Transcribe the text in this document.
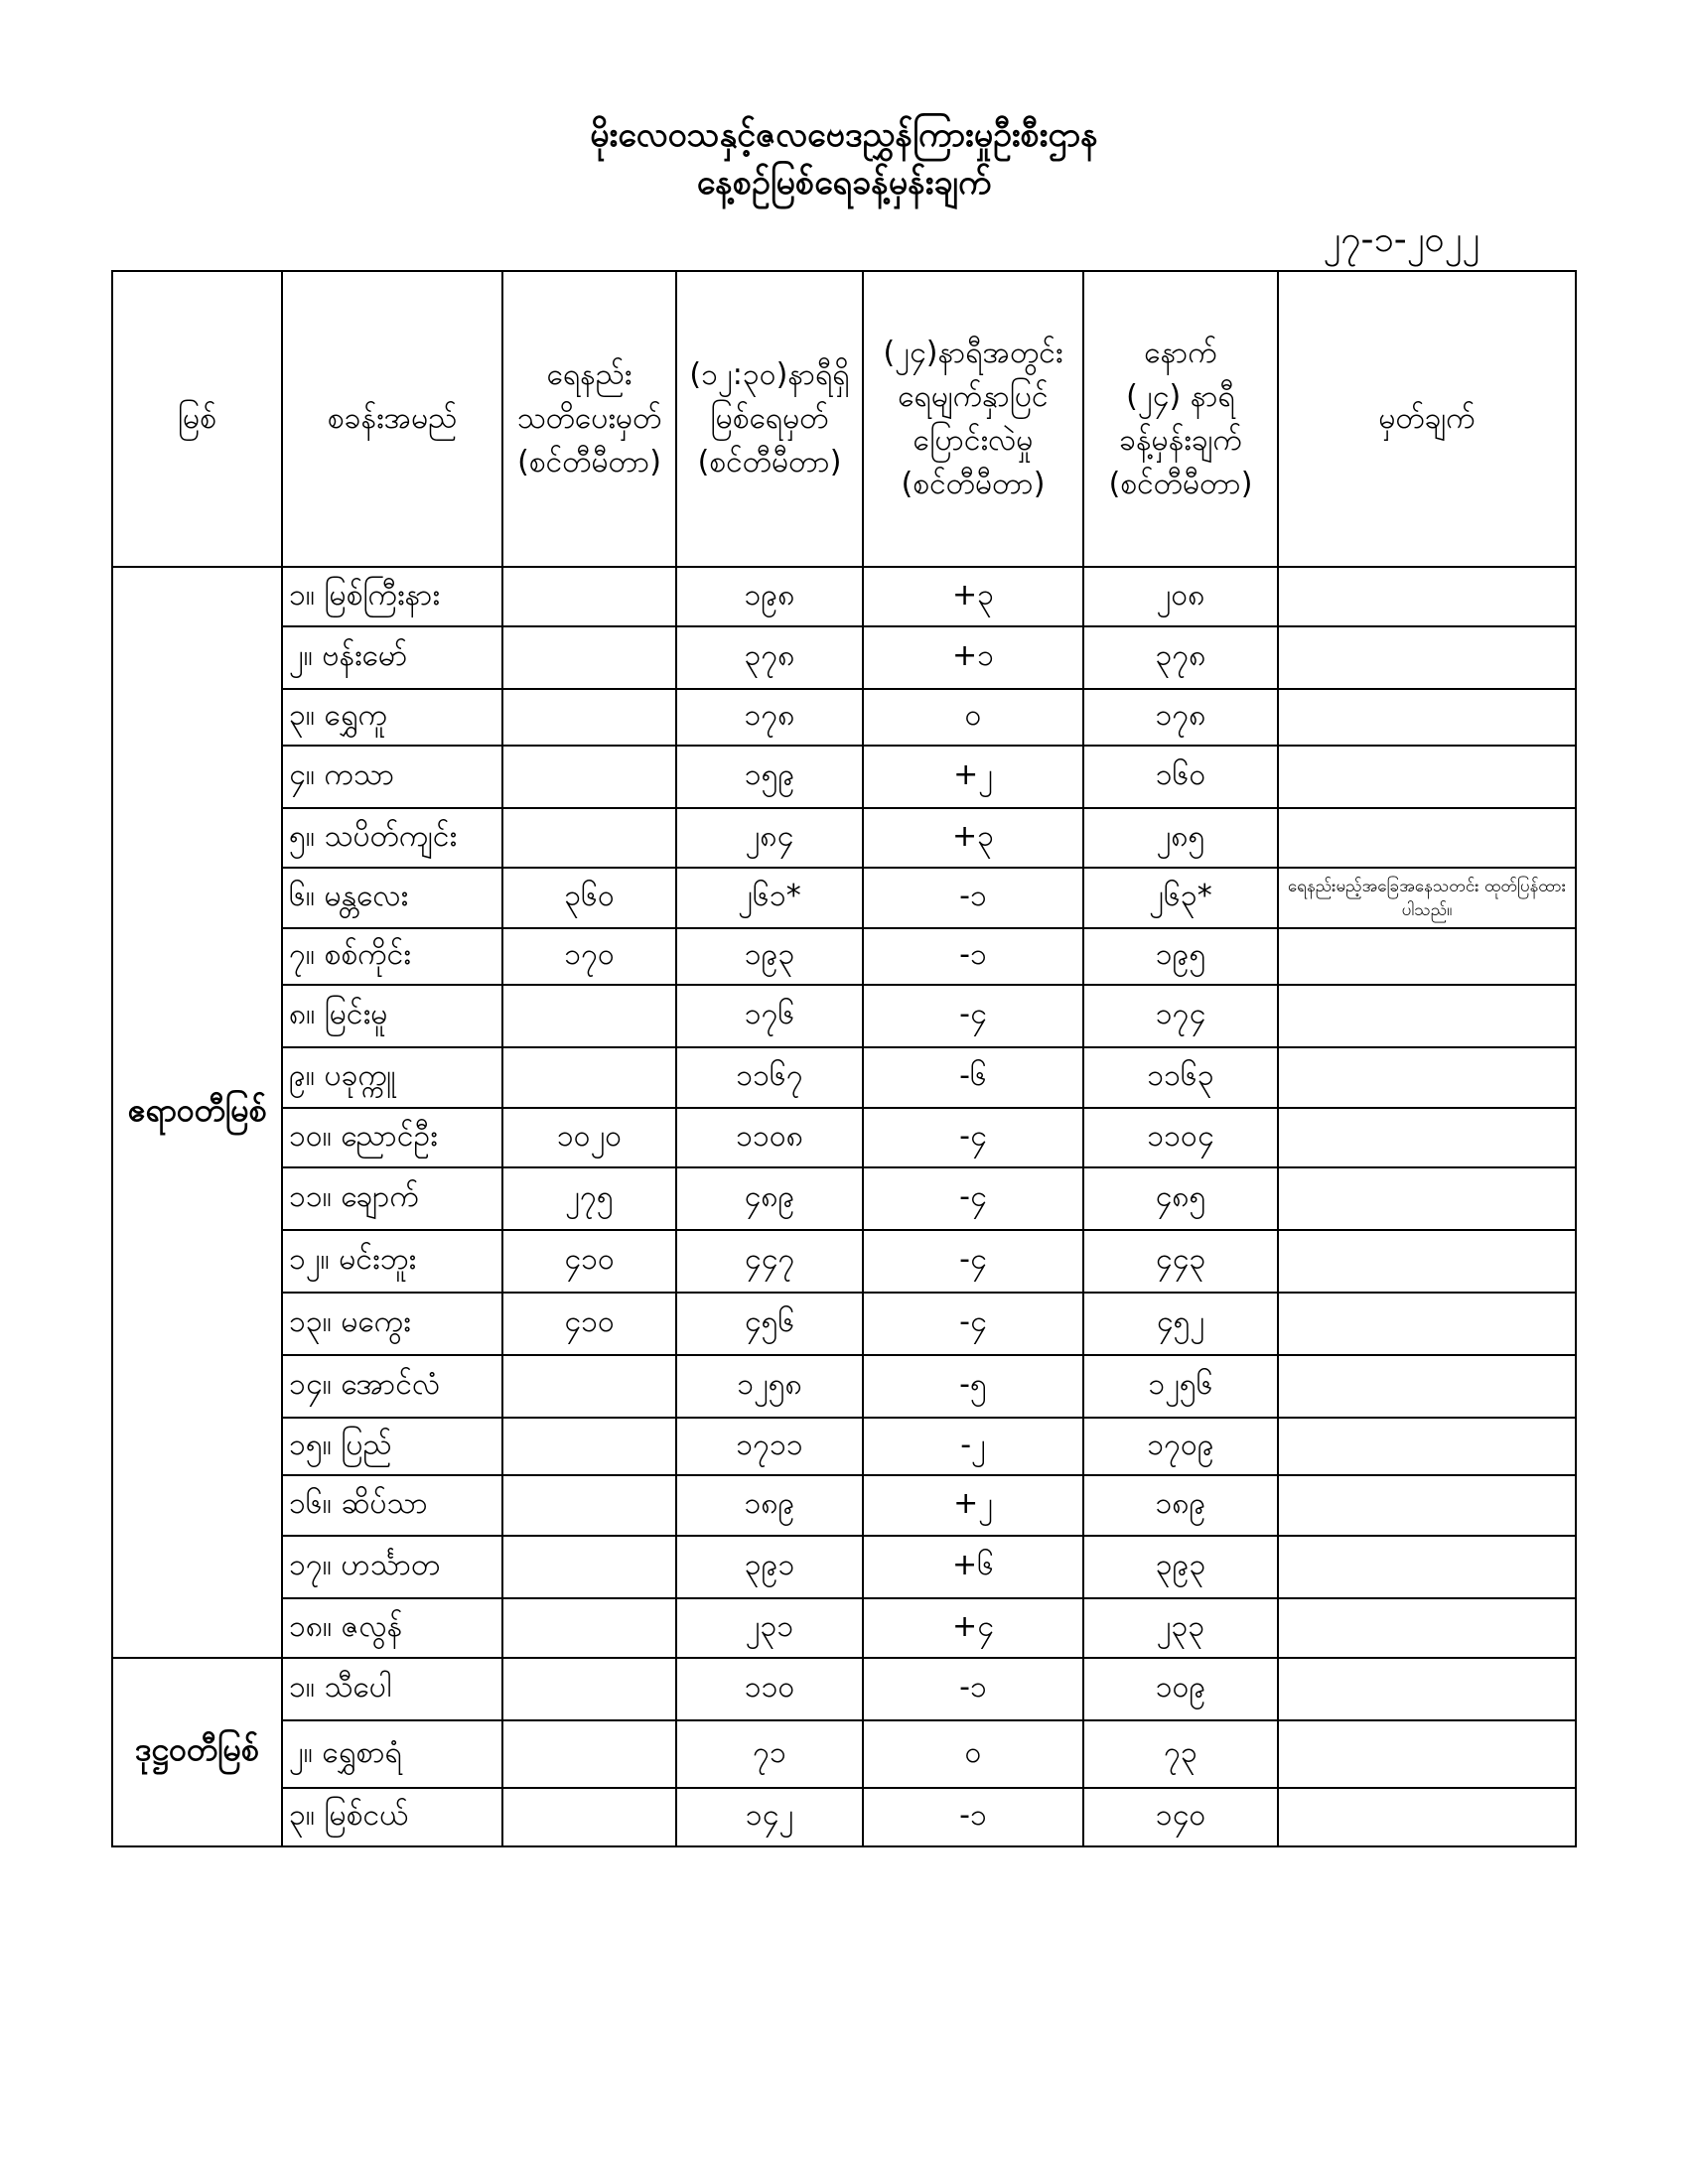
မိုးလေဝသနှင့်ဇလဗေဒညွှန်ကြားမှုဦးစီးဌာန
နေ့စဉ်မြစ်ရေခန့်မှန်းချက်
၂၇-၁-၂၀၂၂
မြစ်	စခန်းအမည်	ရေနည်း
သတိပေးမှတ်
(စင်တီမီတာ)	(၁၂:၃၀)နာရီရှိ
မြစ်ရေမှတ်
(စင်တီမီတာ)	(၂၄)နာရီအတွင်း
ရေမျက်နှာပြင်
ပြောင်းလဲမှု
(စင်တီမီတာ)	နောက်
(၂၄) နာရီ
ခန့်မှန်းချက်
(စင်တီမီတာ)	မှတ်ချက်
ဧရာဝတီမြစ်	၁။ မြစ်ကြီးနား		၁၉၈	+၃	၂၀၈	
	၂။ ဗန်းမော်		၃၇၈	+၁	၃၇၈	
	၃။ ရွှေကူ		၁၇၈	၀	၁၇၈	
	၄။ ကသာ		၁၅၉	+၂	၁၆၀	
	၅။ သပိတ်ကျင်း		၂၈၄	+၃	၂၈၅	
	၆။ မန္တလေး	၃၆၀	၂၆၁*	-၁	၂၆၃*	ရေနည်းမည့်အခြေအနေသတင်း ထုတ်ပြန်ထားပါသည်။
	၇။ စစ်ကိုင်း	၁၇၀	၁၉၃	-၁	၁၉၅	
	၈။ မြင်းမူ		၁၇၆	-၄	၁၇၄	
	၉။ ပခုက္ကူ		၁၁၆၇	-၆	၁၁၆၃	
	၁၀။ ညောင်ဦး	၁၀၂၀	၁၁၀၈	-၄	၁၁၀၄	
	၁၁။ ချောက်	၂၇၅	၄၈၉	-၄	၄၈၅	
	၁၂။ မင်းဘူး	၄၁၀	၄၄၇	-၄	၄၄၃	
	၁၃။ မကွေး	၄၁၀	၄၅၆	-၄	၄၅၂	
	၁၄။ အောင်လံ		၁၂၅၈	-၅	၁၂၅၆	
	၁၅။ ပြည်		၁၇၁၁	-၂	၁၇၀၉	
	၁၆။ ဆိပ်သာ		၁၈၉	+၂	၁၈၉	
	၁၇။ ဟင်္သာတ		၃၉၁	+၆	၃၉၃	
	၁၈။ ဇလွန်		၂၃၁	+၄	၂၃၃	
ဒုဋ္ဌဝတီမြစ်	၁။ သီပေါ		၁၁၀	-၁	၁၀၉	
	၂။ ရွှေစာရံ		၇၁	၀	၇၃	
	၃။ မြစ်ငယ်		၁၄၂	-၁	၁၄၀	
